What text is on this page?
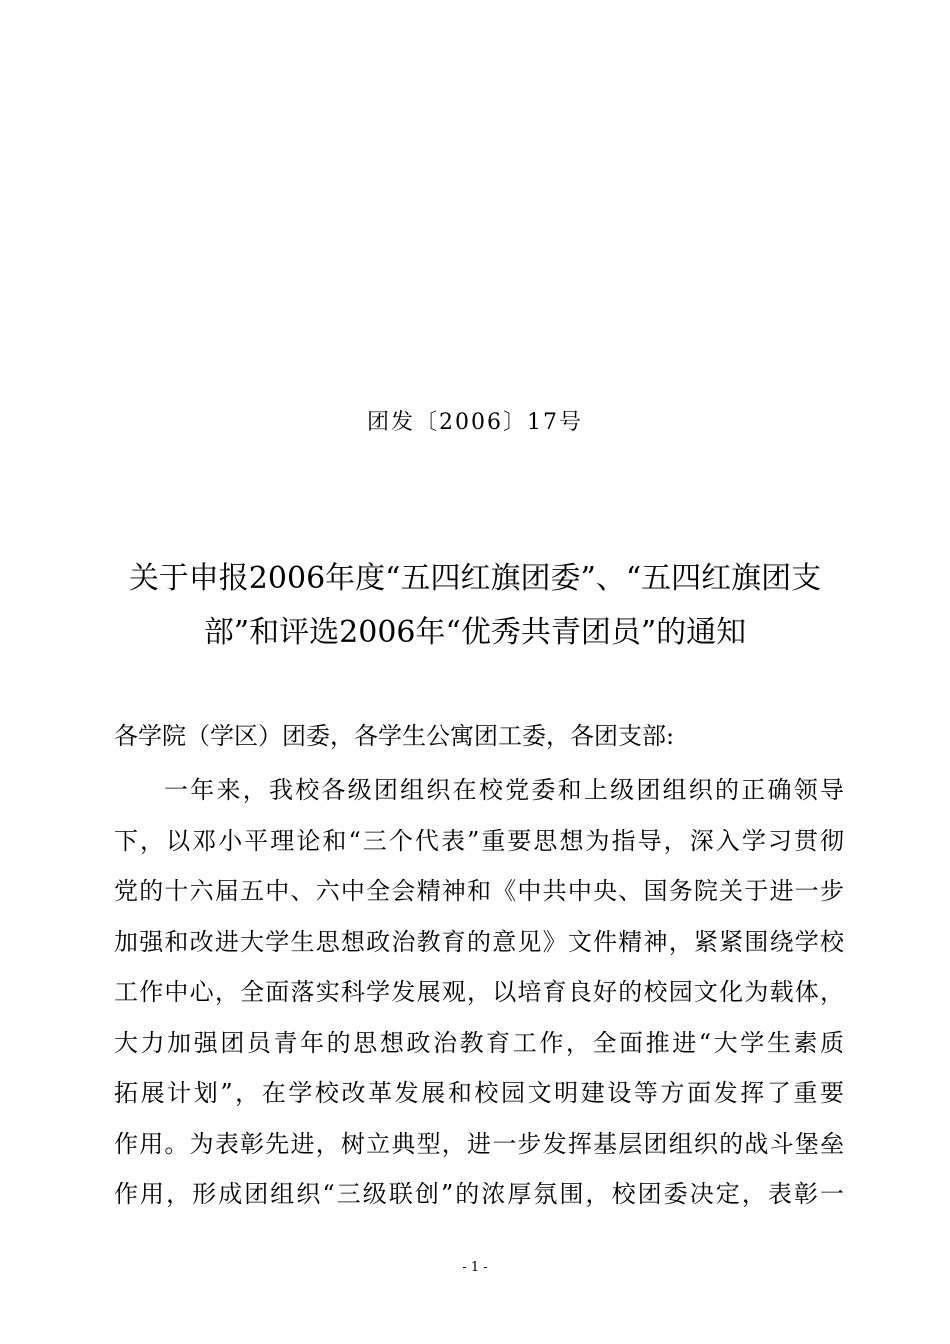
团发〔2006〕17号
关于申报2006年度“五四红旗团委”、“五四红旗团支
部”和评选2006年“优秀共青团员”的通知
各学院（学区）团委，各学生公寓团工委，各团支部:
一年来，我校各级团组织在校党委和上级团组织的正确领导
下，以邓小平理论和“三个代表”重要思想为指导，深入学习贯彻
党的十六届五中、六中全会精神和《中共中央、国务院关于进一步
加强和改进大学生思想政治教育的意见》文件精神，紧紧围绕学校
工作中心，全面落实科学发展观，以培育良好的校园文化为载体，
大力加强团员青年的思想政治教育工作，全面推进“大学生素质
拓展计划”，在学校改革发展和校园文明建设等方面发挥了重要
作用。为表彰先进，树立典型，进一步发挥基层团组织的战斗堡垒
作用，形成团组织“三级联创”的浓厚氛围，校团委决定，表彰一
- 1 -
